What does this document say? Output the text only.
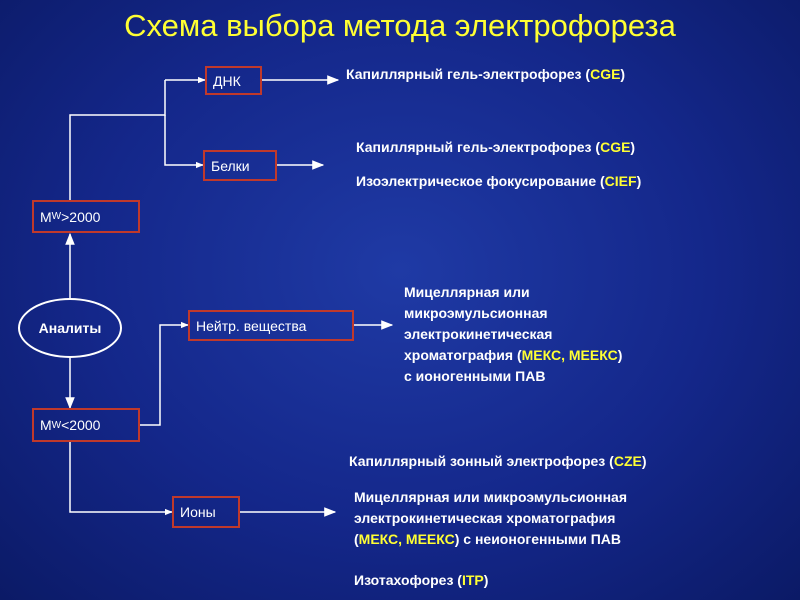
Схема выбора метода электрофореза
ДНК
Белки
M W >2000
Аналиты	Нейтр. вещества
M W <2000
Ионы
Капиллярный гель-электрофорез (CGE)
Капиллярный гель-электрофорез (CGE)
Изоэлектрическое фокусирование (CIEF)
Мицеллярная или
микроэмульсионная
электрокинетическая
хроматография (МЕКС, МЕЕКС)
с ионогенными ПАВ
Капиллярный зонный электрофорез (CZE)
Мицеллярная или микроэмульсионная
электрокинетическая хроматография
(МЕКС, МЕЕКС) с неионогенными ПАВ
Изотахофорез (ITP)
